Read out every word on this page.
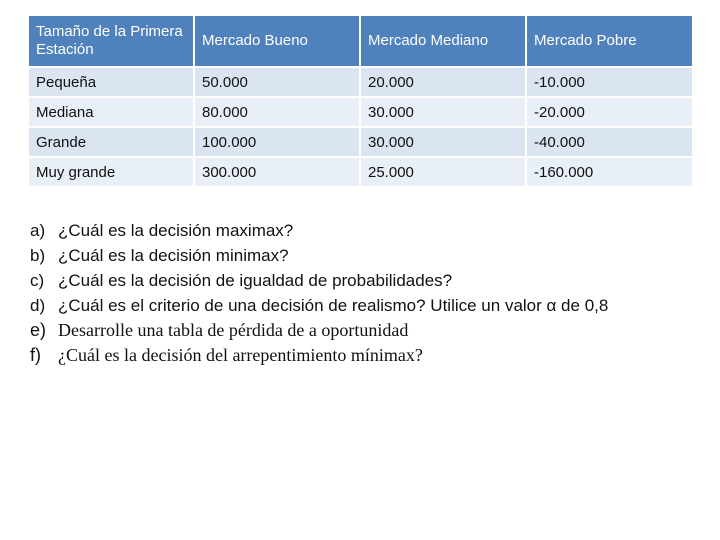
Tamaño de la Primera Estación	Mercado Bueno	Mercado Mediano	Mercado Pobre
Pequeña	50.000	20.000	-10.000
Mediana	80.000	30.000	-20.000
Grande	100.000	30.000	-40.000
Muy grande	300.000	25.000	-160.000
a) ¿Cuál es la decisión maximax?
b) ¿Cuál es la decisión minimax?
c) ¿Cuál es la decisión de igualdad de probabilidades?
d) ¿Cuál es el criterio de una decisión de realismo? Utilice un valor α de 0,8
e) Desarrolle una tabla de pérdida de a oportunidad
f) ¿Cuál es la decisión del arrepentimiento mínimax?
